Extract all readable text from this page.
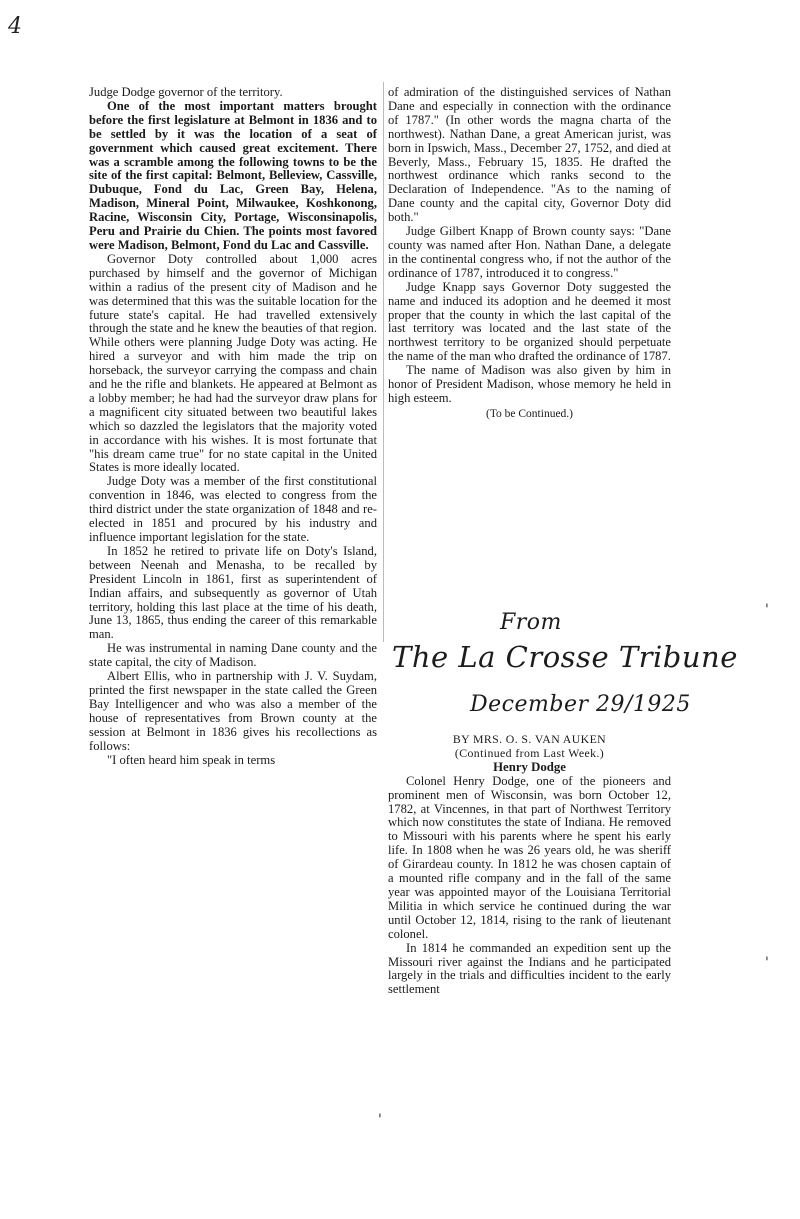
4

Judge Dodge governor of the territory.

One of the most important matters brought before the first legislature at Belmont in 1836 and to be settled by it was the location of a seat of government which caused great excitement. There was a scramble among the following towns to be the site of the first capital: Belmont, Belleview, Cassville, Dubuque, Fond du Lac, Green Bay, Helena, Madison, Mineral Point, Milwaukee, Koshkonong, Racine, Wisconsin City, Portage, Wisconsinapolis, Peru and Prairie du Chien. The points most favored were Madison, Belmont, Fond du Lac and Cassville.

Governor Doty controlled about 1,000 acres purchased by himself and the governor of Michigan within a radius of the present city of Madison and he was determined that this was the suitable location for the future state's capital. He had travelled extensively through the state and he knew the beauties of that region. While others were planning Judge Doty was acting. He hired a surveyor and with him made the trip on horseback, the surveyor carrying the compass and chain and he the rifle and blankets. He appeared at Belmont as a lobby member; he had had the surveyor draw plans for a magnificent city situated between two beautiful lakes which so dazzled the legislators that the majority voted in accordance with his wishes. It is most fortunate that "his dream came true" for no state capital in the United States is more ideally located.

Judge Doty was a member of the first constitutional convention in 1846, was elected to congress from the third district under the state organization of 1848 and re-elected in 1851 and procured by his industry and influence important legislation for the state.

In 1852 he retired to private life on Doty's Island, between Neenah and Menasha, to be recalled by President Lincoln in 1861, first as superintendent of Indian affairs, and subsequently as governor of Utah territory, holding this last place at the time of his death, June 13, 1865, thus ending the career of this remarkable man.

He was instrumental in naming Dane county and the state capital, the city of Madison.

Albert Ellis, who in partnership with J. V. Suydam, printed the first newspaper in the state called the Green Bay Intelligencer and who was also a member of the house of representatives from Brown county at the session at Belmont in 1836 gives his recollections as follows:

"I often heard him speak in terms

of admiration of the distinguished services of Nathan Dane and especially in connection with the ordinance of 1787." (In other words the magna charta of the northwest). Nathan Dane, a great American jurist, was born in Ipswich, Mass., December 27, 1752, and died at Beverly, Mass., February 15, 1835. He drafted the northwest ordinance which ranks second to the Declaration of Independence. "As to the naming of Dane county and the capital city, Governor Doty did both."

Judge Gilbert Knapp of Brown county says: "Dane county was named after Hon. Nathan Dane, a delegate in the continental congress who, if not the author of the ordinance of 1787, introduced it to congress."

Judge Knapp says Governor Doty suggested the name and induced its adoption and he deemed it most proper that the county in which the last capital of the last territory was located and the last state of the northwest territory to be organized should perpetuate the name of the man who drafted the ordinance of 1787.

The name of Madison was also given by him in honor of President Madison, whose memory he held in high esteem.

(To be Continued.)

From
The La Crosse Tribune
December 29/1925

BY MRS. O. S. VAN AUKEN

(Continued from Last Week.)

Henry Dodge

Colonel Henry Dodge, one of the pioneers and prominent men of Wisconsin, was born October 12, 1782, at Vincennes, in that part of Northwest Territory which now constitutes the state of Indiana. He removed to Missouri with his parents where he spent his early life. In 1808 when he was 26 years old, he was sheriff of Girardeau county. In 1812 he was chosen captain of a mounted rifle company and in the fall of the same year was appointed mayor of the Louisiana Territorial Militia in which service he continued during the war until October 12, 1814, rising to the rank of lieutenant colonel.

In 1814 he commanded an expedition sent up the Missouri river against the Indians and he participated largely in the trials and difficulties incident to the early settlement

'
'
'
